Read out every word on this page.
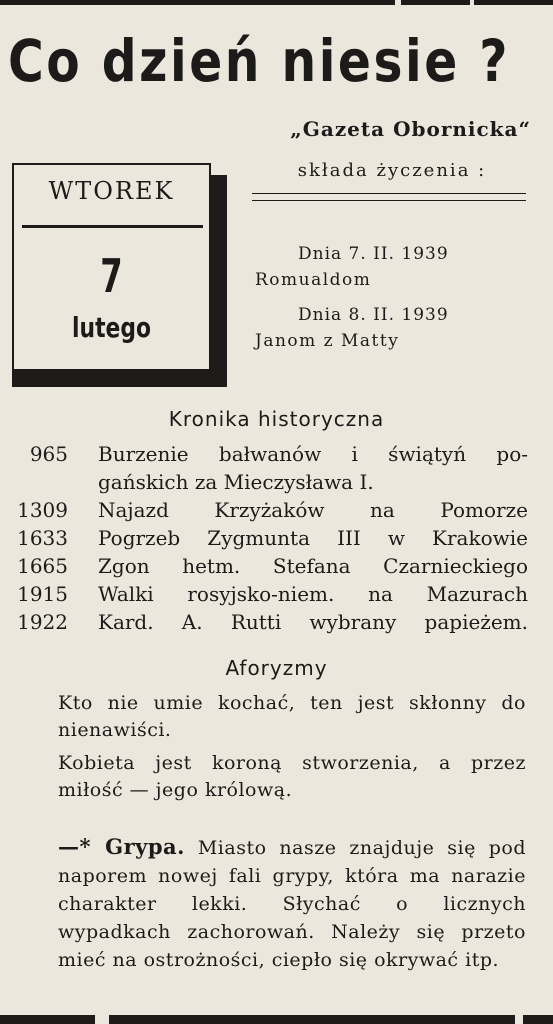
Co dzień niesie ?
„Gazeta Obornicka“
składa życzenia :
WTOREK
7
lutego
Dnia 7. II. 1939
Romualdom
Dnia 8. II. 1939
Janom z Matty
Kronika historyczna
965 Burzenie bałwanów i świątyń po-
gańskich za Mieczysława I.
1309 Najazd Krzyżaków na Pomorze
1633 Pogrzeb Zygmunta III w Krakowie
1665 Zgon hetm. Stefana Czarnieckiego
1915 Walki rosyjsko-niem. na Mazurach
1922 Kard. A. Rutti wybrany papieżem.
Aforyzmy
Kto nie umie kochać, ten jest skłonny do nienawiści.
Kobieta jest koroną stworzenia, a przez miłość — jego królową.
—* Grypa. Miasto nasze znajduje się pod naporem nowej fali grypy, która ma narazie charakter lekki. Słychać o licznych wypadkach zachorowań. Należy się przeto mieć na ostrożności, ciepło się okrywać itp.
